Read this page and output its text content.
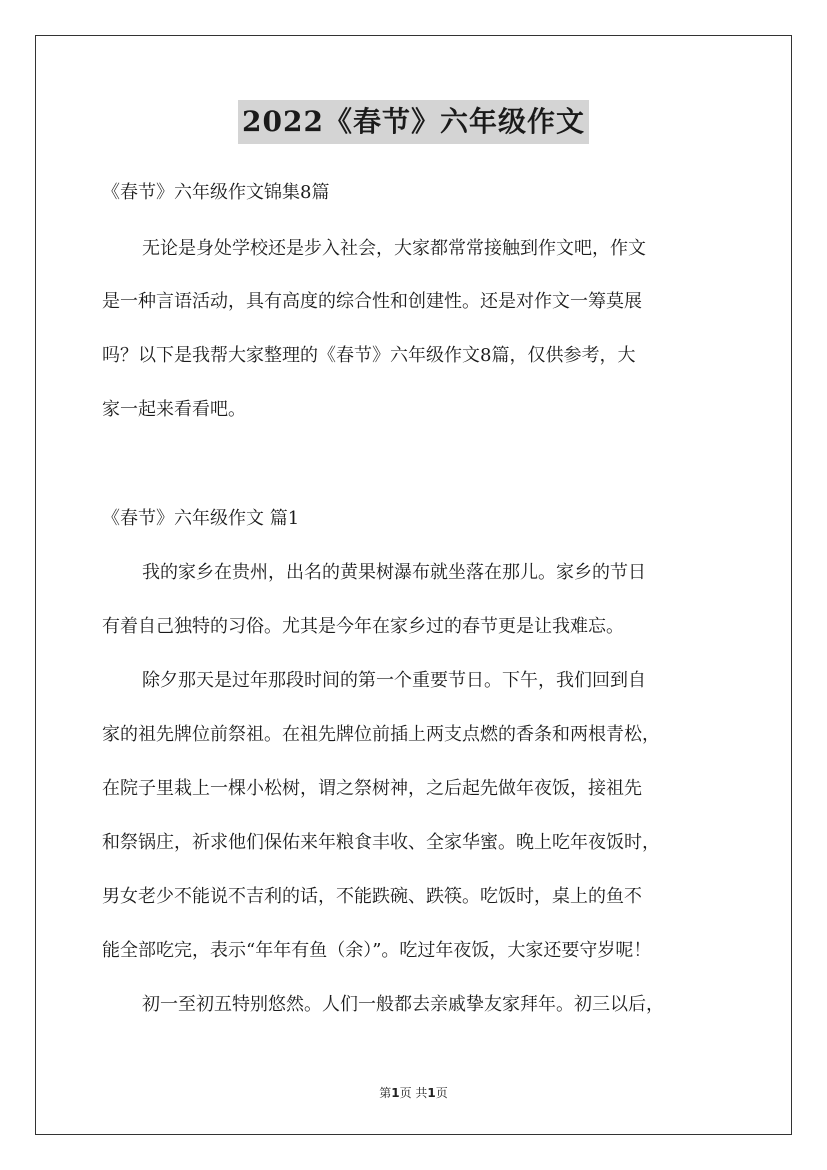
2022《春节》六年级作文
《春节》六年级作文锦集8篇
无论是身处学校还是步入社会，大家都常常接触到作文吧，作文
是一种言语活动，具有高度的综合性和创建性。还是对作文一筹莫展
吗？以下是我帮大家整理的《春节》六年级作文8篇，仅供参考，大
家一起来看看吧。
《春节》六年级作文 篇1
我的家乡在贵州，出名的黄果树瀑布就坐落在那儿。家乡的节日
有着自己独特的习俗。尤其是今年在家乡过的春节更是让我难忘。
除夕那天是过年那段时间的第一个重要节日。下午，我们回到自
家的祖先牌位前祭祖。在祖先牌位前插上两支点燃的香条和两根青松，
在院子里栽上一棵小松树，谓之祭树神，之后起先做年夜饭，接祖先
和祭锅庄，祈求他们保佑来年粮食丰收、全家华蜜。晚上吃年夜饭时，
男女老少不能说不吉利的话，不能跌碗、跌筷。吃饭时，桌上的鱼不
能全部吃完，表示“年年有鱼（余）”。吃过年夜饭，大家还要守岁呢！
初一至初五特别悠然。人们一般都去亲戚挚友家拜年。初三以后，
第1页 共1页
